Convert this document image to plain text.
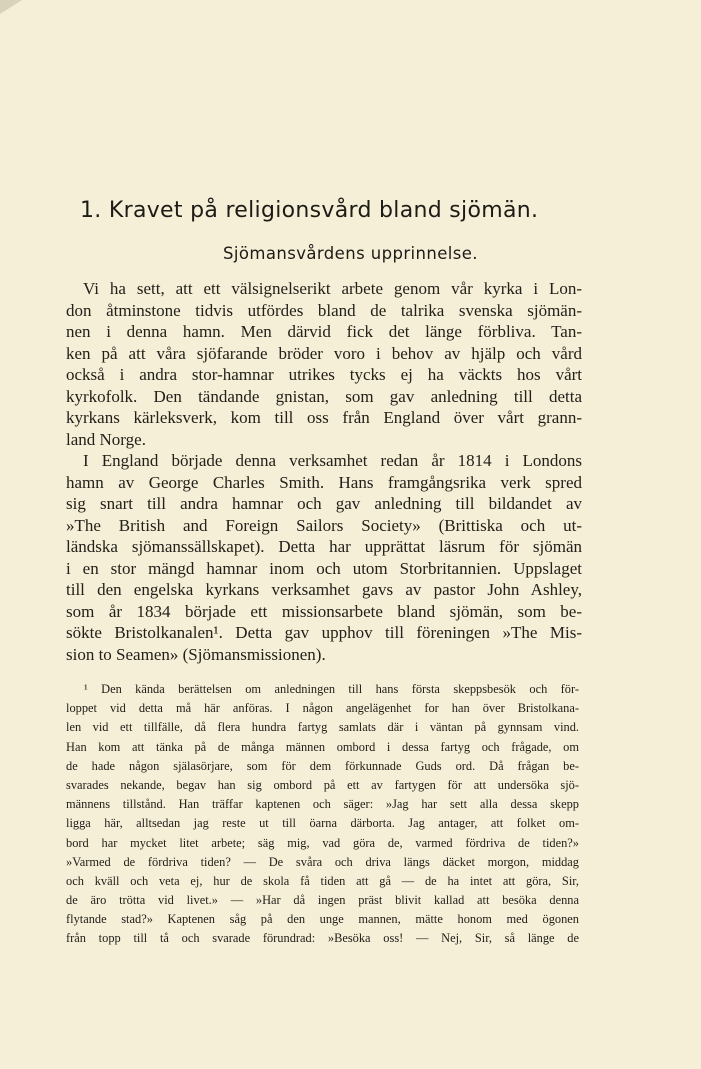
1. Kravet på religionsvård bland sjömän.
Sjömansvårdens upprinnelse.
Vi ha sett, att ett välsignelserikt arbete genom vår kyrka i Lon-
don åtminstone tidvis utfördes bland de talrika svenska sjömän-
nen i denna hamn. Men därvid fick det länge förbliva. Tan-
ken på att våra sjöfarande bröder voro i behov av hjälp och vård
också i andra stor-hamnar utrikes tycks ej ha väckts hos vårt
kyrkofolk. Den tändande gnistan, som gav anledning till detta
kyrkans kärleksverk, kom till oss från England över vårt grann-
land Norge.
I England började denna verksamhet redan år 1814 i Londons
hamn av George Charles Smith. Hans framgångsrika verk spred
sig snart till andra hamnar och gav anledning till bildandet av
»The British and Foreign Sailors Society» (Brittiska och ut-
ländska sjömanssällskapet). Detta har upprättat läsrum för sjömän
i en stor mängd hamnar inom och utom Storbritannien. Uppslaget
till den engelska kyrkans verksamhet gavs av pastor John Ashley,
som år 1834 började ett missionsarbete bland sjömän, som be-
sökte Bristolkanalen¹. Detta gav upphov till föreningen »The Mis-
sion to Seamen» (Sjömansmissionen).
¹ Den kända berättelsen om anledningen till hans första skeppsbesök och för-
loppet vid detta må här anföras. I någon angelägenhet for han över Bristolkana-
len vid ett tillfälle, då flera hundra fartyg samlats där i väntan på gynnsam vind.
Han kom att tänka på de många männen ombord i dessa fartyg och frågade, om
de hade någon själasörjare, som för dem förkunnade Guds ord. Då frågan be-
svarades nekande, begav han sig ombord på ett av fartygen för att undersöka sjö-
männens tillstånd. Han träffar kaptenen och säger: »Jag har sett alla dessa skepp
ligga här, alltsedan jag reste ut till öarna därborta. Jag antager, att folket om-
bord har mycket litet arbete; säg mig, vad göra de, varmed fördriva de tiden?»
»Varmed de fördriva tiden? — De svåra och driva längs däcket morgon, middag
och kväll och veta ej, hur de skola få tiden att gå — de ha intet att göra, Sir,
de äro trötta vid livet.» — »Har då ingen präst blivit kallad att besöka denna
flytande stad?» Kaptenen såg på den unge mannen, mätte honom med ögonen
från topp till tå och svarade förundrad: »Besöka oss! — Nej, Sir, så länge de
